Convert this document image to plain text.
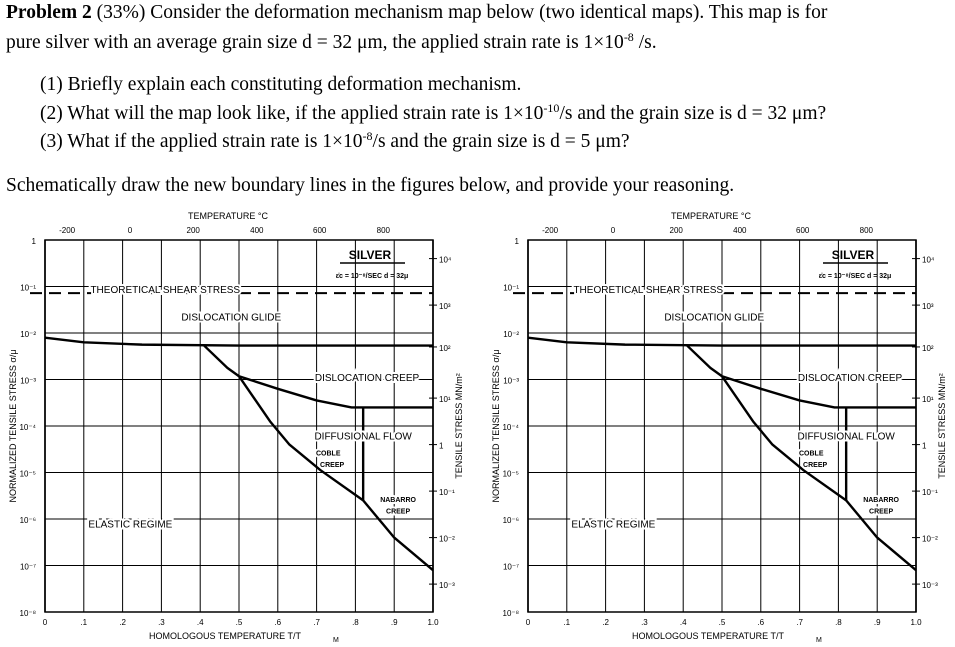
Problem 2 (33%) Consider the deformation mechanism map below (two identical maps). This map is for
pure silver with an average grain size d = 32 μm, the applied strain rate is $1\times 10^{-8}$ /s.
(1) Briefly explain each constituting deformation mechanism.
(2) What will the map look like, if the applied strain rate is $1\times 10^{-10}/s$ and the grain size is d = 32 μm?
(3) What if the applied strain rate is $1\times 10^{-8}/s$ and the grain size is d = 5 μm?
Schematically draw the new boundary lines in the figures below, and provide your reasoning.
THEORETICAL SHEAR STRESS
DISLOCATION GLIDE
DISLOCATION CREEP
DIFFUSIONAL FLOW
COBLE
CREEP
NABARRO
CREEP
ELASTIC REGIME
SILVER
ε̇c = 10⁻⁸/SEC d = 32μ
TEMPERATURE °C
-200	0	200	400	600	800
0	.1	.2	.3	.4	.5	.6	.7	.8	.9	1.0
HOMOLOGOUS TEMPERATURE T/T	M
1
10⁻¹
10⁻²
10⁻³
10⁻⁴
10⁻⁵
10⁻⁶
10⁻⁷
10⁻⁸
NORMALIZED TENSILE STRESS σ/μ
10⁴
10³
10²
10¹
1
10⁻¹
10⁻²
10⁻³
TENSILE STRESS MN/m²
THEORETICAL SHEAR STRESS
DISLOCATION GLIDE
DISLOCATION CREEP
DIFFUSIONAL FLOW
COBLE
CREEP
NABARRO
CREEP
ELASTIC REGIME
SILVER
ε̇c = 10⁻⁸/SEC d = 32μ
TEMPERATURE °C
-200	0	200	400	600	800
0	.1	.2	.3	.4	.5	.6	.7	.8	.9	1.0
HOMOLOGOUS TEMPERATURE T/T	M
1
10⁻¹
10⁻²
10⁻³
10⁻⁴
10⁻⁵
10⁻⁶
10⁻⁷
10⁻⁸
NORMALIZED TENSILE STRESS σ/μ
10⁴
10³
10²
10¹
1
10⁻¹
10⁻²
10⁻³
TENSILE STRESS MN/m²
